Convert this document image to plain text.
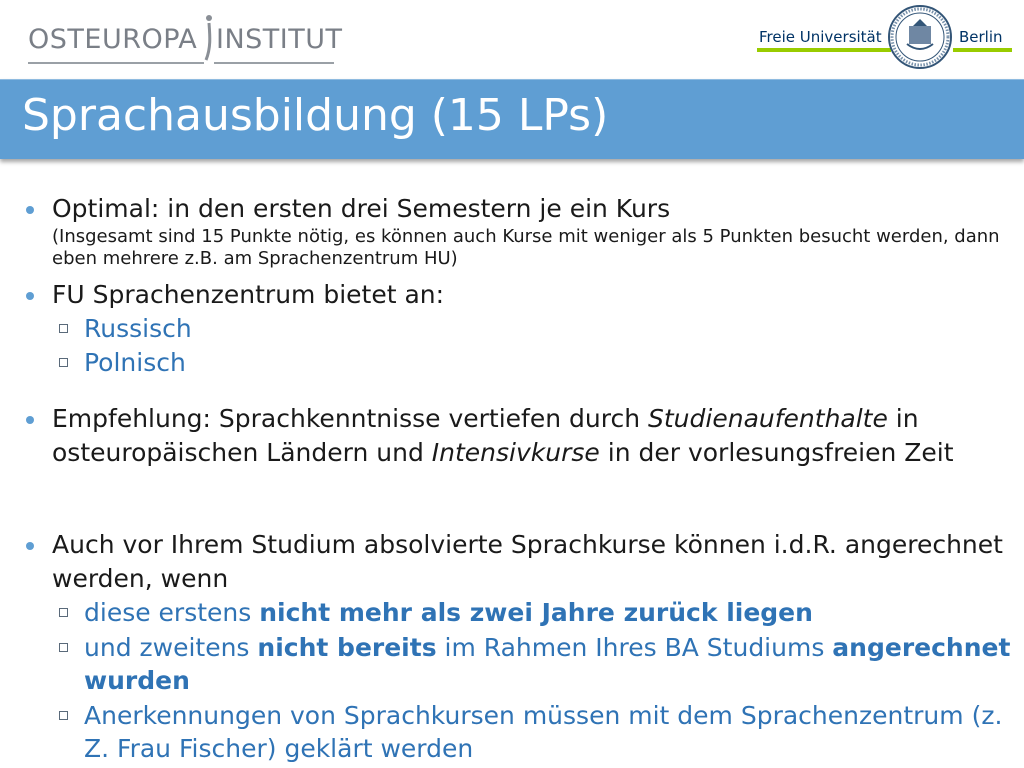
OSTEUROPA INSTITUT	Freie Universität	Berlin
Sprachausbildung (15 LPs)
Optimal: in den ersten drei Semestern je ein Kurs
(Insgesamt sind 15 Punkte nötig, es können auch Kurse mit weniger als 5 Punkten besucht werden, dann eben mehrere z.B. am Sprachenzentrum HU)
FU Sprachenzentrum bietet an:
Russisch
Polnisch
Empfehlung: Sprachkenntnisse vertiefen durch Studienaufenthalte in osteuropäischen Ländern und Intensivkurse in der vorlesungsfreien Zeit
Auch vor Ihrem Studium absolvierte Sprachkurse können i.d.R. angerechnet werden, wenn
diese erstens nicht mehr als zwei Jahre zurück liegen
und zweitens nicht bereits im Rahmen Ihres BA Studiums angerechnet wurden
Anerkennungen von Sprachkursen müssen mit dem Sprachenzentrum (z. Z. Frau Fischer) geklärt werden
